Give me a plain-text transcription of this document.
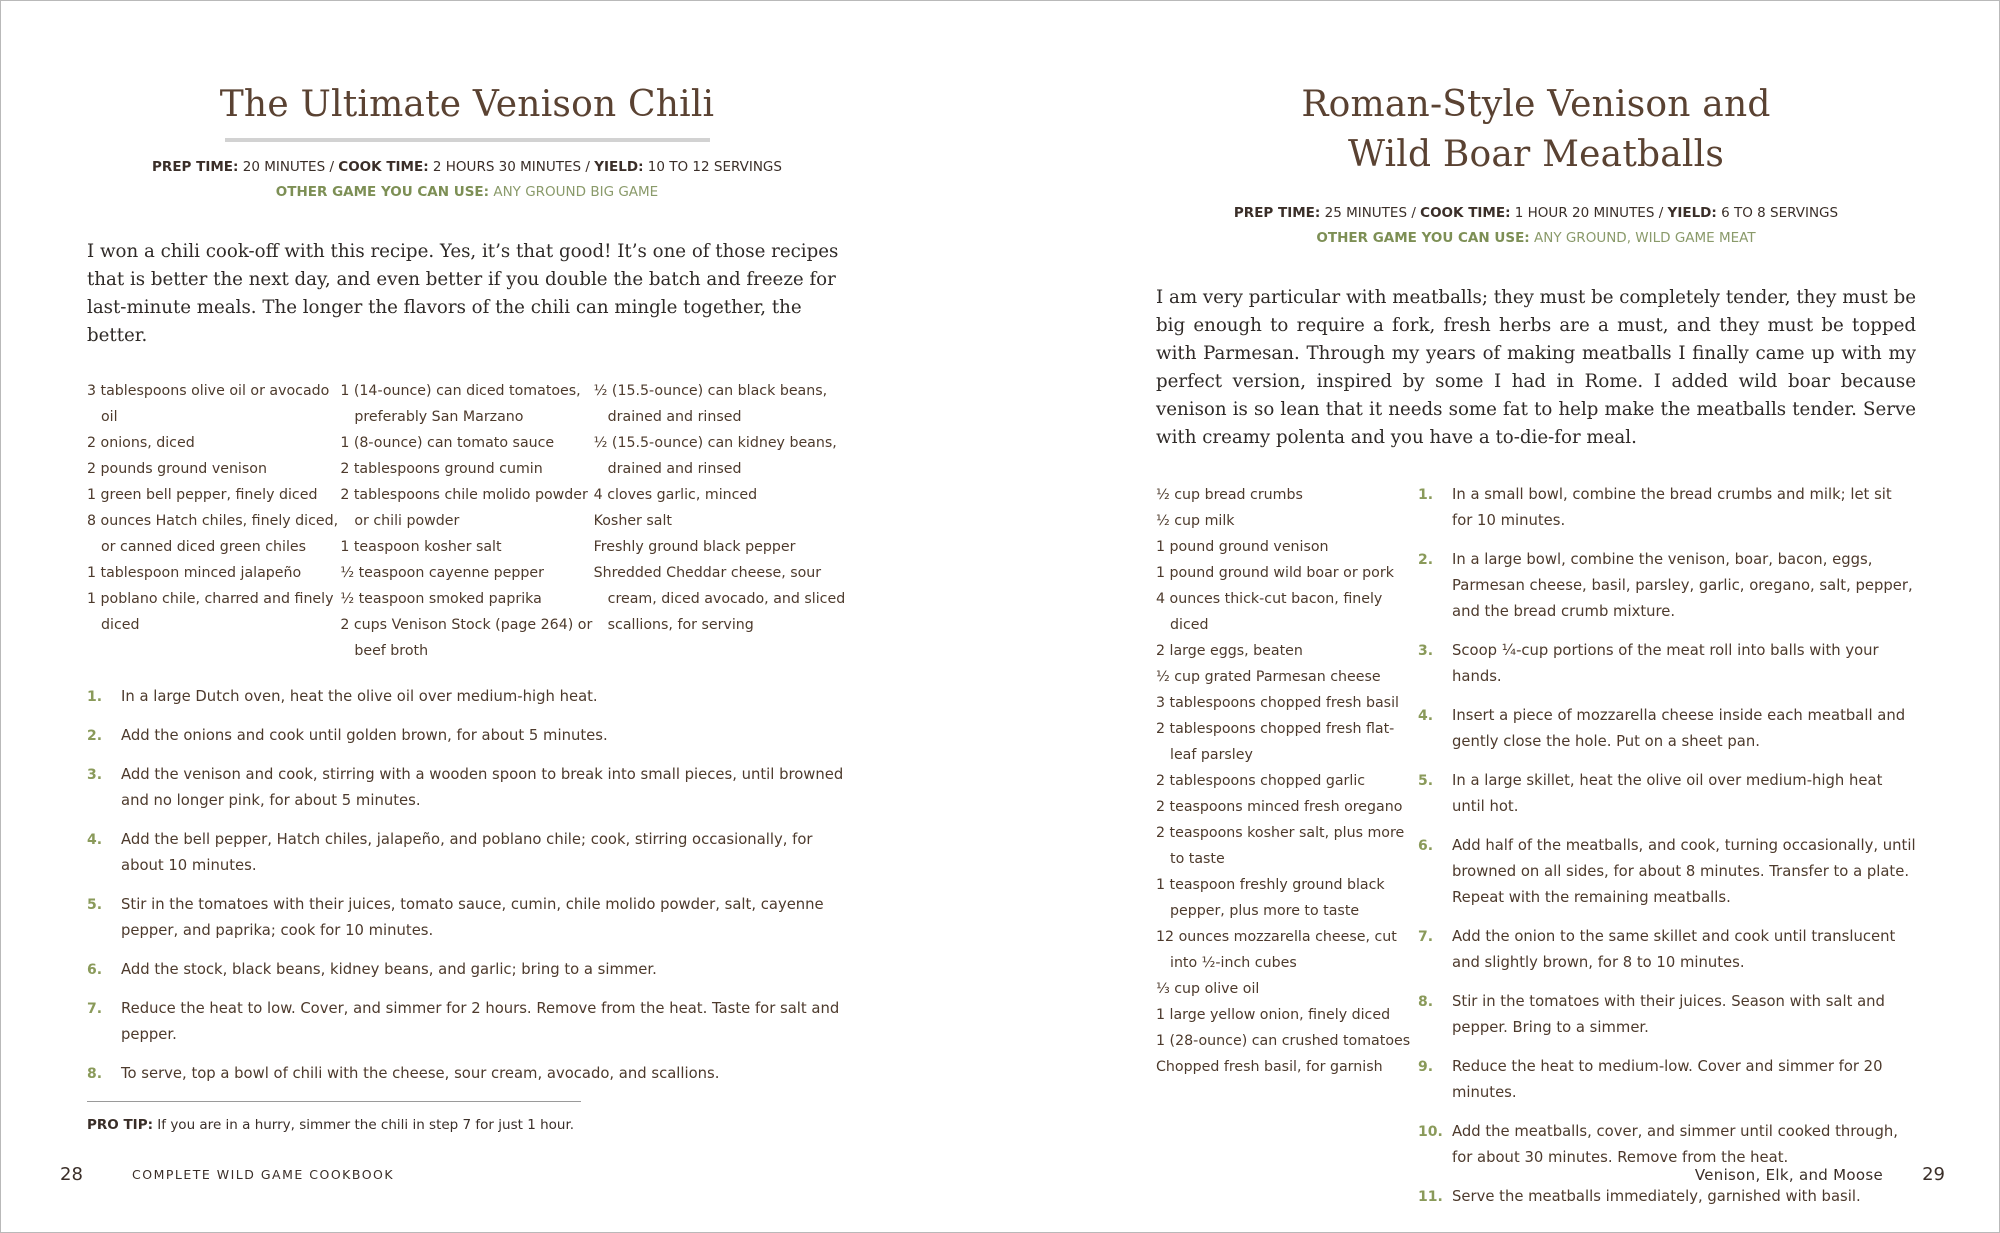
The Ultimate Venison Chili
PREP TIME: 20 MINUTES / COOK TIME: 2 HOURS 30 MINUTES / YIELD: 10 TO 12 SERVINGS
OTHER GAME YOU CAN USE: ANY GROUND BIG GAME

I won a chili cook-off with this recipe. Yes, it’s that good! It’s one of those recipes that is better the next day, and even better if you double the batch and freeze for last-minute meals. The longer the flavors of the chili can mingle together, the better.

3 tablespoons olive oil or avocado oil
2 onions, diced
2 pounds ground venison
1 green bell pepper, finely diced
8 ounces Hatch chiles, finely diced, or canned diced green chiles
1 tablespoon minced jalapeño
1 poblano chile, charred and finely diced
1 (14-ounce) can diced tomatoes, preferably San Marzano
1 (8-ounce) can tomato sauce
2 tablespoons ground cumin
2 tablespoons chile molido powder or chili powder
1 teaspoon kosher salt
½ teaspoon cayenne pepper
½ teaspoon smoked paprika
2 cups Venison Stock (page 264) or beef broth
½ (15.5-ounce) can black beans, drained and rinsed
½ (15.5-ounce) can kidney beans, drained and rinsed
4 cloves garlic, minced
Kosher salt
Freshly ground black pepper
Shredded Cheddar cheese, sour cream, diced avocado, and sliced scallions, for serving
1.	In a large Dutch oven, heat the olive oil over medium-high heat.
2.	Add the onions and cook until golden brown, for about 5 minutes.
3.	Add the venison and cook, stirring with a wooden spoon to break into small pieces, until browned and no longer pink, for about 5 minutes.
4.	Add the bell pepper, Hatch chiles, jalapeño, and poblano chile; cook, stirring occasionally, for about 10 minutes.
5.	Stir in the tomatoes with their juices, tomato sauce, cumin, chile molido powder, salt, cayenne pepper, and paprika; cook for 10 minutes.
6.	Add the stock, black beans, kidney beans, and garlic; bring to a simmer.
7.	Reduce the heat to low. Cover, and simmer for 2 hours. Remove from the heat. Taste for salt and pepper.
8.	To serve, top a bowl of chili with the cheese, sour cream, avocado, and scallions.
PRO TIP: If you are in a hurry, simmer the chili in step 7 for just 1 hour.
28	COMPLETE WILD GAME COOKBOOK
Roman-Style Venison and
Wild Boar Meatballs
PREP TIME: 25 MINUTES / COOK TIME: 1 HOUR 20 MINUTES / YIELD: 6 TO 8 SERVINGS
OTHER GAME YOU CAN USE: ANY GROUND, WILD GAME MEAT

I am very particular with meatballs; they must be completely tender, they must be big enough to require a fork, fresh herbs are a must, and they must be topped with Parmesan. Through my years of making meatballs I finally came up with my perfect version, inspired by some I had in Rome. I added wild boar because venison is so lean that it needs some fat to help make the meatballs tender. Serve with creamy polenta and you have a to-die-for meal.

½ cup bread crumbs
½ cup milk
1 pound ground venison
1 pound ground wild boar or pork
4 ounces thick-cut bacon, finely diced
2 large eggs, beaten
½ cup grated Parmesan cheese
3 tablespoons chopped fresh basil
2 tablespoons chopped fresh flat-leaf parsley
2 tablespoons chopped garlic
2 teaspoons minced fresh oregano
2 teaspoons kosher salt, plus more to taste
1 teaspoon freshly ground black pepper, plus more to taste
12 ounces mozzarella cheese, cut into ½-inch cubes
⅓ cup olive oil
1 large yellow onion, finely diced
1 (28-ounce) can crushed tomatoes
Chopped fresh basil, for garnish
1.	In a small bowl, combine the bread crumbs and milk; let sit for 10 minutes.
2.	In a large bowl, combine the venison, boar, bacon, eggs, Parmesan cheese, basil, parsley, garlic, oregano, salt, pepper, and the bread crumb mixture.
3.	Scoop ¼-cup portions of the meat roll into balls with your hands.
4.	Insert a piece of mozzarella cheese inside each meatball and gently close the hole. Put on a sheet pan.
5.	In a large skillet, heat the olive oil over medium-high heat until hot.
6.	Add half of the meatballs, and cook, turning occasionally, until browned on all sides, for about 8 minutes. Transfer to a plate. Repeat with the remaining meatballs.
7.	Add the onion to the same skillet and cook until translucent and slightly brown, for 8 to 10 minutes.
8.	Stir in the tomatoes with their juices. Season with salt and pepper. Bring to a simmer.
9.	Reduce the heat to medium-low. Cover and simmer for 20 minutes.
10. Add the meatballs, cover, and simmer until cooked through, for about 30 minutes. Remove from the heat.
11. Serve the meatballs immediately, garnished with basil.
Venison, Elk, and Moose 29
